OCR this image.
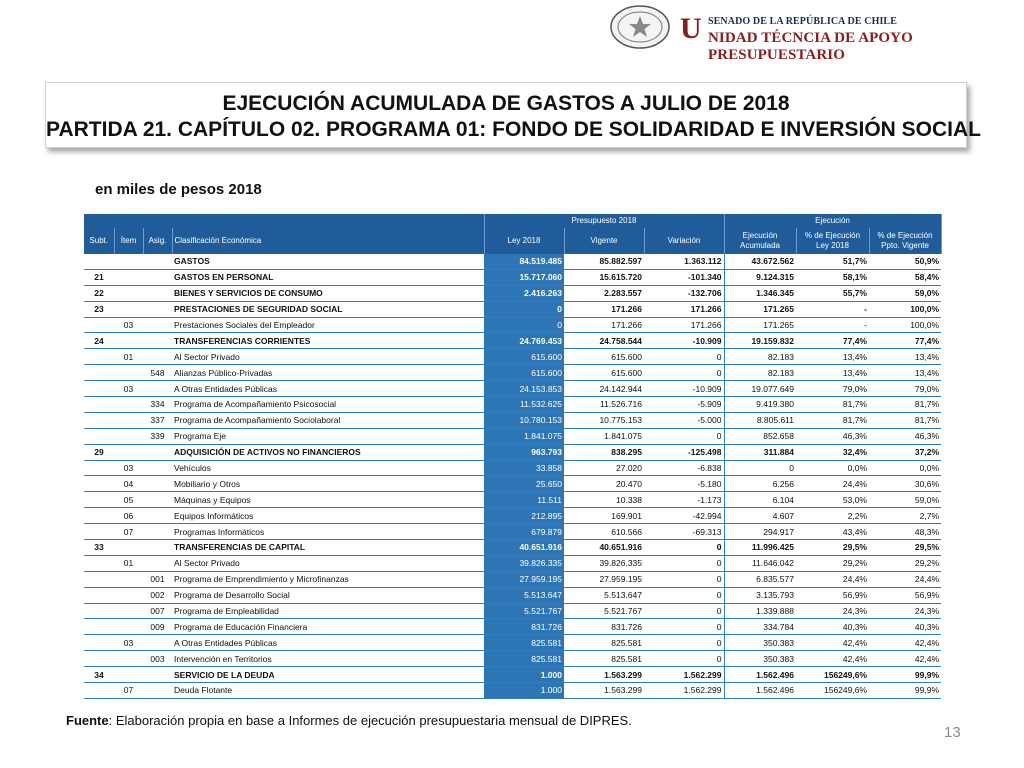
U SENADO DE LA REPÚBLICA DE CHILE
NIDAD TÉCNCIA DE APOYO PRESUPUESTARIO
EJECUCIÓN ACUMULADA DE GASTOS A JULIO DE 2018
PARTIDA 21. CAPÍTULO 02. PROGRAMA 01: FONDO DE SOLIDARIDAD E INVERSIÓN SOCIAL
en miles de pesos 2018
				Presupuesto 2018			Ejecución		
Subt.	Ítem	Asig.	Clasificación Económica	Ley 2018	Vigente	Variación	Ejecución Acumulada	% de Ejecución Ley 2018	% de Ejecución Ppto. Vigente
			GASTOS	84.519.485	85.882.597	1.363.112	43.672.562	51,7%	50,9%
21			GASTOS EN PERSONAL	15.717.060	15.615.720	-101.340	9.124.315	58,1%	58,4%
22			BIENES Y SERVICIOS DE CONSUMO	2.416.263	2.283.557	-132.706	1.346.345	55,7%	59,0%
23			PRESTACIONES DE SEGURIDAD SOCIAL	0	171.266	171.266	171.265	-	100,0%
	03		Prestaciones Sociales del Empleador	0	171.266	171.266	171.265	-	100,0%
24			TRANSFERENCIAS CORRIENTES	24.769.453	24.758.544	-10.909	19.159.832	77,4%	77,4%
	01		Al Sector Privado	615.600	615.600	0	82.183	13,4%	13,4%
		548	Alianzas Público-Privadas	615.600	615.600	0	82.183	13,4%	13,4%
	03		A Otras Entidades Públicas	24.153.853	24.142.944	-10.909	19.077.649	79,0%	79,0%
		334	Programa de Acompañamiento Psicosocial	11.532.625	11.526.716	-5.909	9.419.380	81,7%	81,7%
		337	Programa de Acompañamiento Sociolaboral	10.780.153	10.775.153	-5.000	8.805.611	81,7%	81,7%
		339	Programa Eje	1.841.075	1.841.075	0	852.658	46,3%	46,3%
29			ADQUISICIÓN DE ACTIVOS NO FINANCIEROS	963.793	838.295	-125.498	311.884	32,4%	37,2%
	03		Vehículos	33.858	27.020	-6.838	0	0,0%	0,0%
	04		Mobiliario y Otros	25.650	20.470	-5.180	6.256	24,4%	30,6%
	05		Máquinas y Equipos	11.511	10.338	-1.173	6.104	53,0%	59,0%
	06		Equipos Informáticos	212.895	169.901	-42.994	4.607	2,2%	2,7%
	07		Programas Informáticos	679.879	610.566	-69.313	294.917	43,4%	48,3%
33			TRANSFERENCIAS DE CAPITAL	40.651.916	40.651.916	0	11.996.425	29,5%	29,5%
	01		Al Sector Privado	39.826.335	39.826.335	0	11.646.042	29,2%	29,2%
		001	Programa de Emprendimiento y Microfinanzas	27.959.195	27.959.195	0	6.835.577	24,4%	24,4%
		002	Programa de Desarrollo Social	5.513.647	5.513.647	0	3.135.793	56,9%	56,9%
		007	Programa de Empleabilidad	5.521.767	5.521.767	0	1.339.888	24,3%	24,3%
		009	Programa de Educación Financiera	831.726	831.726	0	334.784	40,3%	40,3%
	03		A Otras Entidades Públicas	825.581	825.581	0	350.383	42,4%	42,4%
		003	Intervención en Territorios	825.581	825.581	0	350.383	42,4%	42,4%
34			SERVICIO DE LA DEUDA	1.000	1.563.299	1.562.299	1.562.496	156249,6%	99,9%
	07		Deuda Flotante	1.000	1.563.299	1.562.299	1.562.496	156249,6%	99,9%
Fuente: Elaboración propia en base a Informes de ejecución presupuestaria mensual de DIPRES.
13
